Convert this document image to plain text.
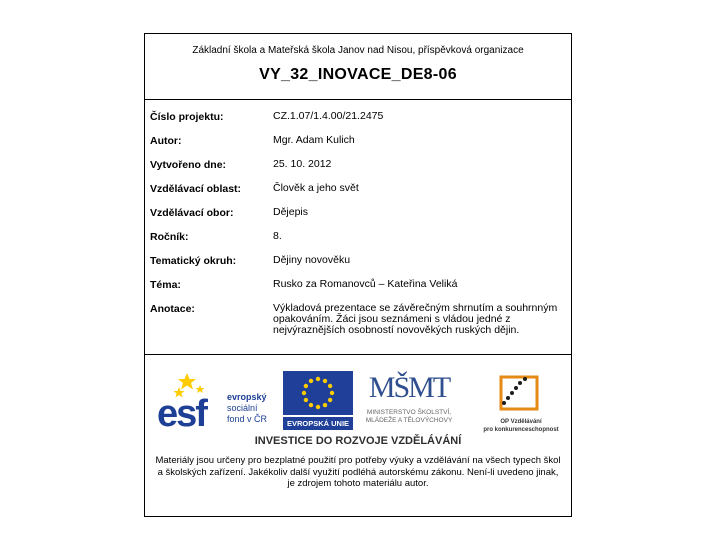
Základní škola a Mateřská škola Janov nad Nisou, příspěvková organizace
VY_32_INOVACE_DE8-06
Číslo projektu:	CZ.1.07/1.4.00/21.2475
Autor:	Mgr. Adam Kulich
Vytvořeno dne:	25. 10. 2012
Vzdělávací oblast:	Člověk a jeho svět
Vzdělávací obor:	Dějepis
Ročník:	8.
Tematický okruh:	Dějiny novověku
Téma:	Rusko za Romanovců – Kateřina Veliká
Anotace:	Výkladová prezentace se závěrečným shrnutím a souhrnným opakováním. Žáci jsou seznámeni s vládou jedné z nejvýraznějších osobností novověkých ruských dějin.
esf evropský
sociální
fond v ČR	EVROPSKÁ UNIE
MŠMT
MINISTERSTVO ŠKOLSTVÍ,
MLÁDEŽE A TĚLOVÝCHOVY	OP Vzdělávání
pro konkurenceschopnost
INVESTICE DO ROZVOJE VZDĚLÁVÁNÍ
Materiály jsou určeny pro bezplatné použití pro potřeby výuky a vzdělávání na všech typech škol a školských zařízení. Jakékoliv další využití podléhá autorskému zákonu. Není-li uvedeno jinak, je zdrojem tohoto materiálu autor.
